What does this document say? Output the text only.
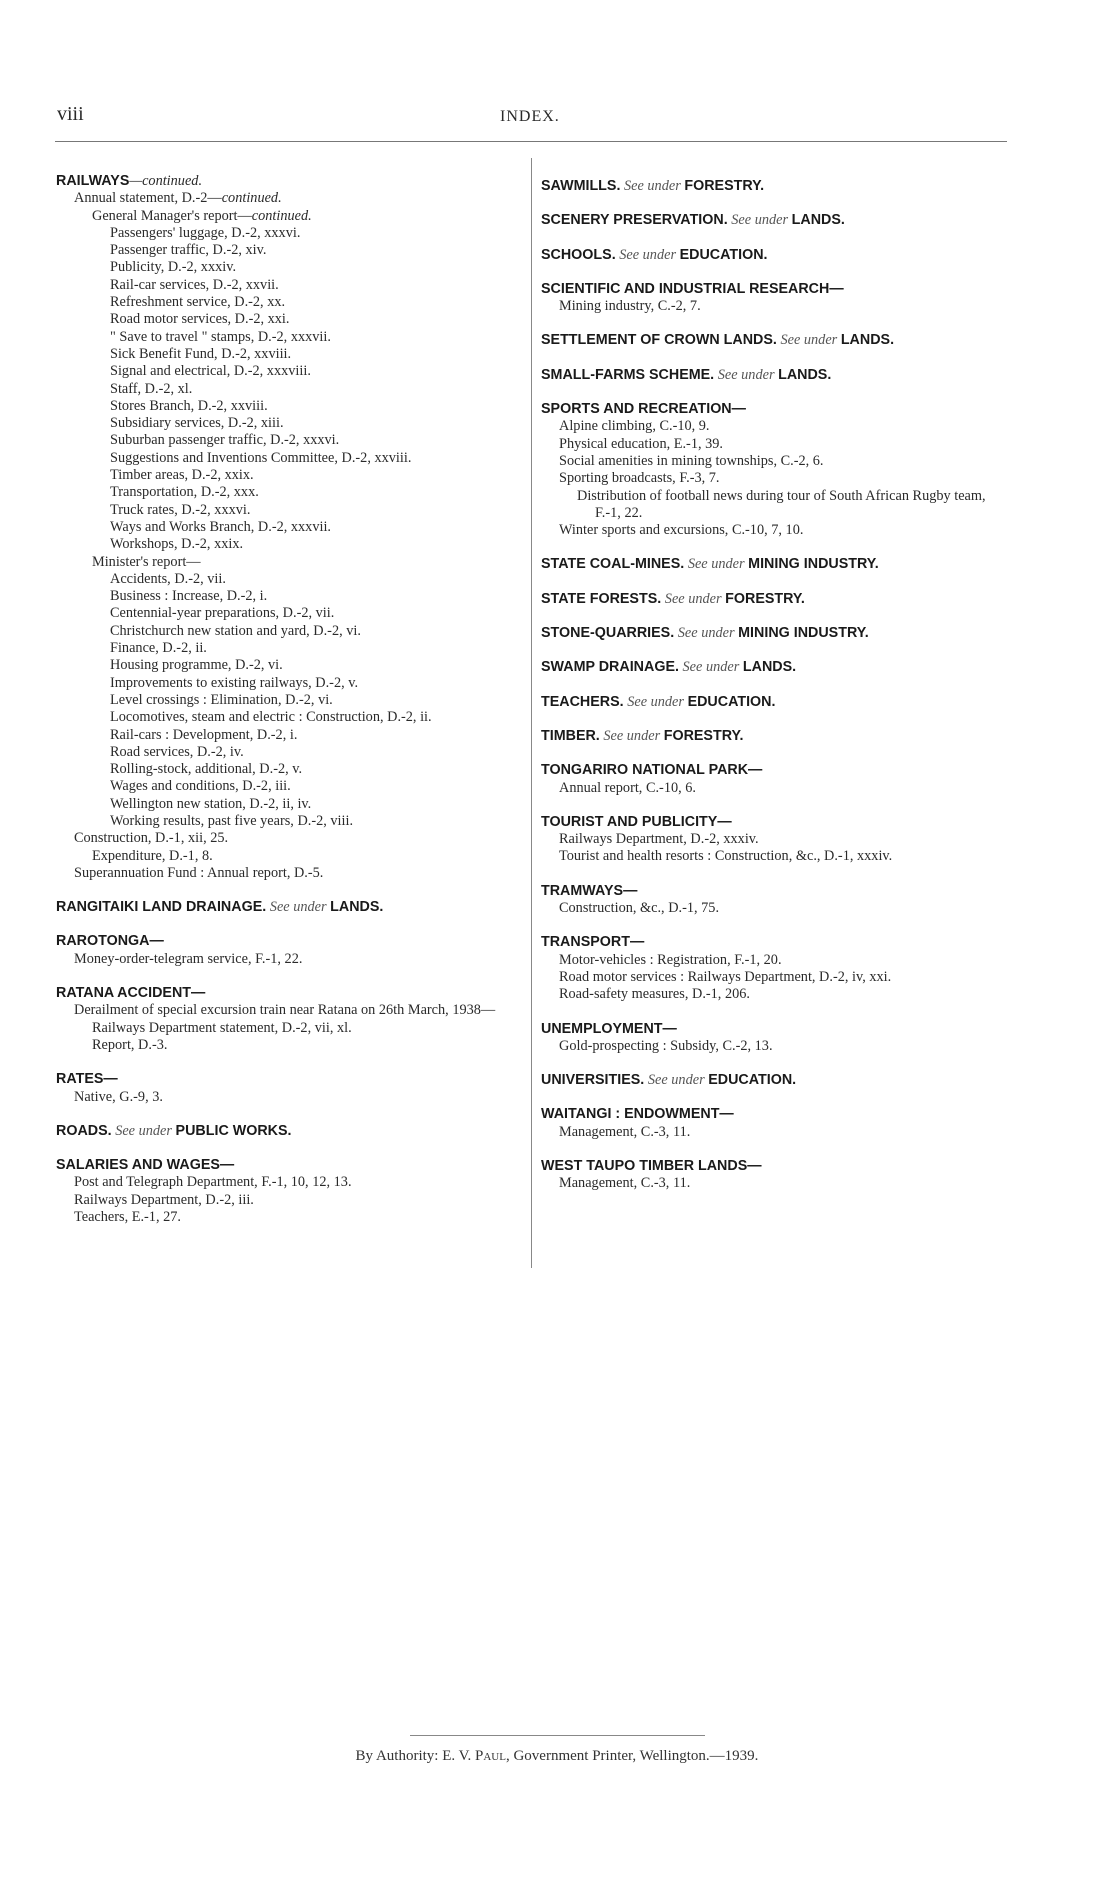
viii	INDEX.
RAILWAYS—continued.
Annual statement, D.-2—continued.
General Manager's report—continued.
Passengers' luggage, D.-2, xxxvi.
Passenger traffic, D.-2, xiv.
Publicity, D.-2, xxxiv.
Rail-car services, D.-2, xxvii.
Refreshment service, D.-2, xx.
Road motor services, D.-2, xxi.
" Save to travel " stamps, D.-2, xxxvii.
Sick Benefit Fund, D.-2, xxviii.
Signal and electrical, D.-2, xxxviii.
Staff, D.-2, xl.
Stores Branch, D.-2, xxviii.
Subsidiary services, D.-2, xiii.
Suburban passenger traffic, D.-2, xxxvi.
Suggestions and Inventions Committee, D.-2, xxviii.
Timber areas, D.-2, xxix.
Transportation, D.-2, xxx.
Truck rates, D.-2, xxxvi.
Ways and Works Branch, D.-2, xxxvii.
Workshops, D.-2, xxix.
Minister's report—
Accidents, D.-2, vii.
Business : Increase, D.-2, i.
Centennial-year preparations, D.-2, vii.
Christchurch new station and yard, D.-2, vi.
Finance, D.-2, ii.
Housing programme, D.-2, vi.
Improvements to existing railways, D.-2, v.
Level crossings : Elimination, D.-2, vi.
Locomotives, steam and electric : Construction, D.-2, ii.
Rail-cars : Development, D.-2, i.
Road services, D.-2, iv.
Rolling-stock, additional, D.-2, v.
Wages and conditions, D.-2, iii.
Wellington new station, D.-2, ii, iv.
Working results, past five years, D.-2, viii.
Construction, D.-1, xii, 25.
Expenditure, D.-1, 8.
Superannuation Fund : Annual report, D.-5.
RANGITAIKI LAND DRAINAGE. See under LANDS.
RAROTONGA—
Money-order-telegram service, F.-1, 22.
RATANA ACCIDENT—
Derailment of special excursion train near Ratana on 26th March, 1938—
Railways Department statement, D.-2, vii, xl.
Report, D.-3.
RATES—
Native, G.-9, 3.
ROADS. See under PUBLIC WORKS.
SALARIES AND WAGES—
Post and Telegraph Department, F.-1, 10, 12, 13.
Railways Department, D.-2, iii.
Teachers, E.-1, 27.
SAWMILLS. See under FORESTRY.
SCENERY PRESERVATION. See under LANDS.
SCHOOLS. See under EDUCATION.
SCIENTIFIC AND INDUSTRIAL RESEARCH—
Mining industry, C.-2, 7.
SETTLEMENT OF CROWN LANDS. See under LANDS.
SMALL-FARMS SCHEME. See under LANDS.
SPORTS AND RECREATION—
Alpine climbing, C.-10, 9.
Physical education, E.-1, 39.
Social amenities in mining townships, C.-2, 6.
Sporting broadcasts, F.-3, 7.
Distribution of football news during tour of South African Rugby team, F.-1, 22.
Winter sports and excursions, C.-10, 7, 10.
STATE COAL-MINES. See under MINING INDUSTRY.
STATE FORESTS. See under FORESTRY.
STONE-QUARRIES. See under MINING INDUSTRY.
SWAMP DRAINAGE. See under LANDS.
TEACHERS. See under EDUCATION.
TIMBER. See under FORESTRY.
TONGARIRO NATIONAL PARK—
Annual report, C.-10, 6.
TOURIST AND PUBLICITY—
Railways Department, D.-2, xxxiv.
Tourist and health resorts : Construction, &c., D.-1, xxxiv.
TRAMWAYS—
Construction, &c., D.-1, 75.
TRANSPORT—
Motor-vehicles : Registration, F.-1, 20.
Road motor services : Railways Department, D.-2, iv, xxi.
Road-safety measures, D.-1, 206.
UNEMPLOYMENT—
Gold-prospecting : Subsidy, C.-2, 13.
UNIVERSITIES. See under EDUCATION.
WAITANGI : ENDOWMENT—
Management, C.-3, 11.
WEST TAUPO TIMBER LANDS—
Management, C.-3, 11.
By Authority: E. V. Paul, Government Printer, Wellington.—1939.
